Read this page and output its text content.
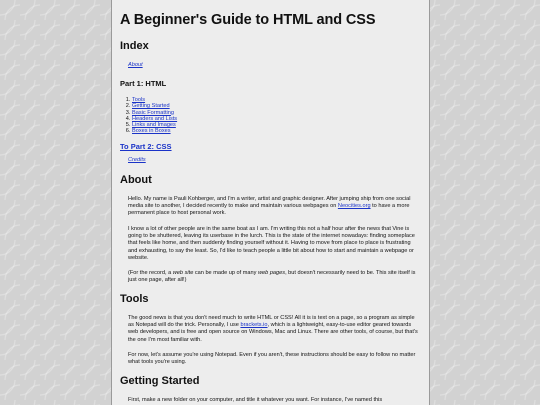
A Beginner's Guide to HTML and CSS
Index
About
Part 1: HTML
1. Tools
2. Getting Started
3. Basic Formatting
4. Headers and Lists
5. Links and Images
6. Boxes in Boxes
To Part 2: CSS
Credits
About

Hello. My name is Pauli Kohberger, and I'm a writer, artist and graphic designer. After jumping ship from one social media site to another, I decided recently to make and maintain various webpages on Neocities.org to have a more permanent place to host personal work.

I know a lot of other people are in the same boat as I am. I'm writing this not a half hour after the news that Vine is going to be shuttered, leaving its userbase in the lurch. This is the state of the internet nowadays: finding someplace that feels like home, and then suddenly finding yourself without it. Having to move from place to place is frustrating and exhausting, to say the least. So, I'd like to teach people a little bit about how to start and maintain a webpage or website.

(For the record, a web site can be made up of many web pages, but doesn't necessarily need to be. This site itself is just one page, after all!)

Tools

The good news is that you don't need much to write HTML or CSS! All it is is text on a page, so a program as simple as Notepad will do the trick. Personally, I use brackets.io, which is a lightweight, easy-to-use editor geared towards web developers, and is free and open source on Windows, Mac and Linux. There are other tools, of course, but that's the one I'm most familiar with.

For now, let's assume you're using Notepad. Even if you aren't, these instructions should be easy to follow no matter what tools you're using.

Getting Started

First, make a new folder on your computer, and title it whatever you want. For instance, I've named this
